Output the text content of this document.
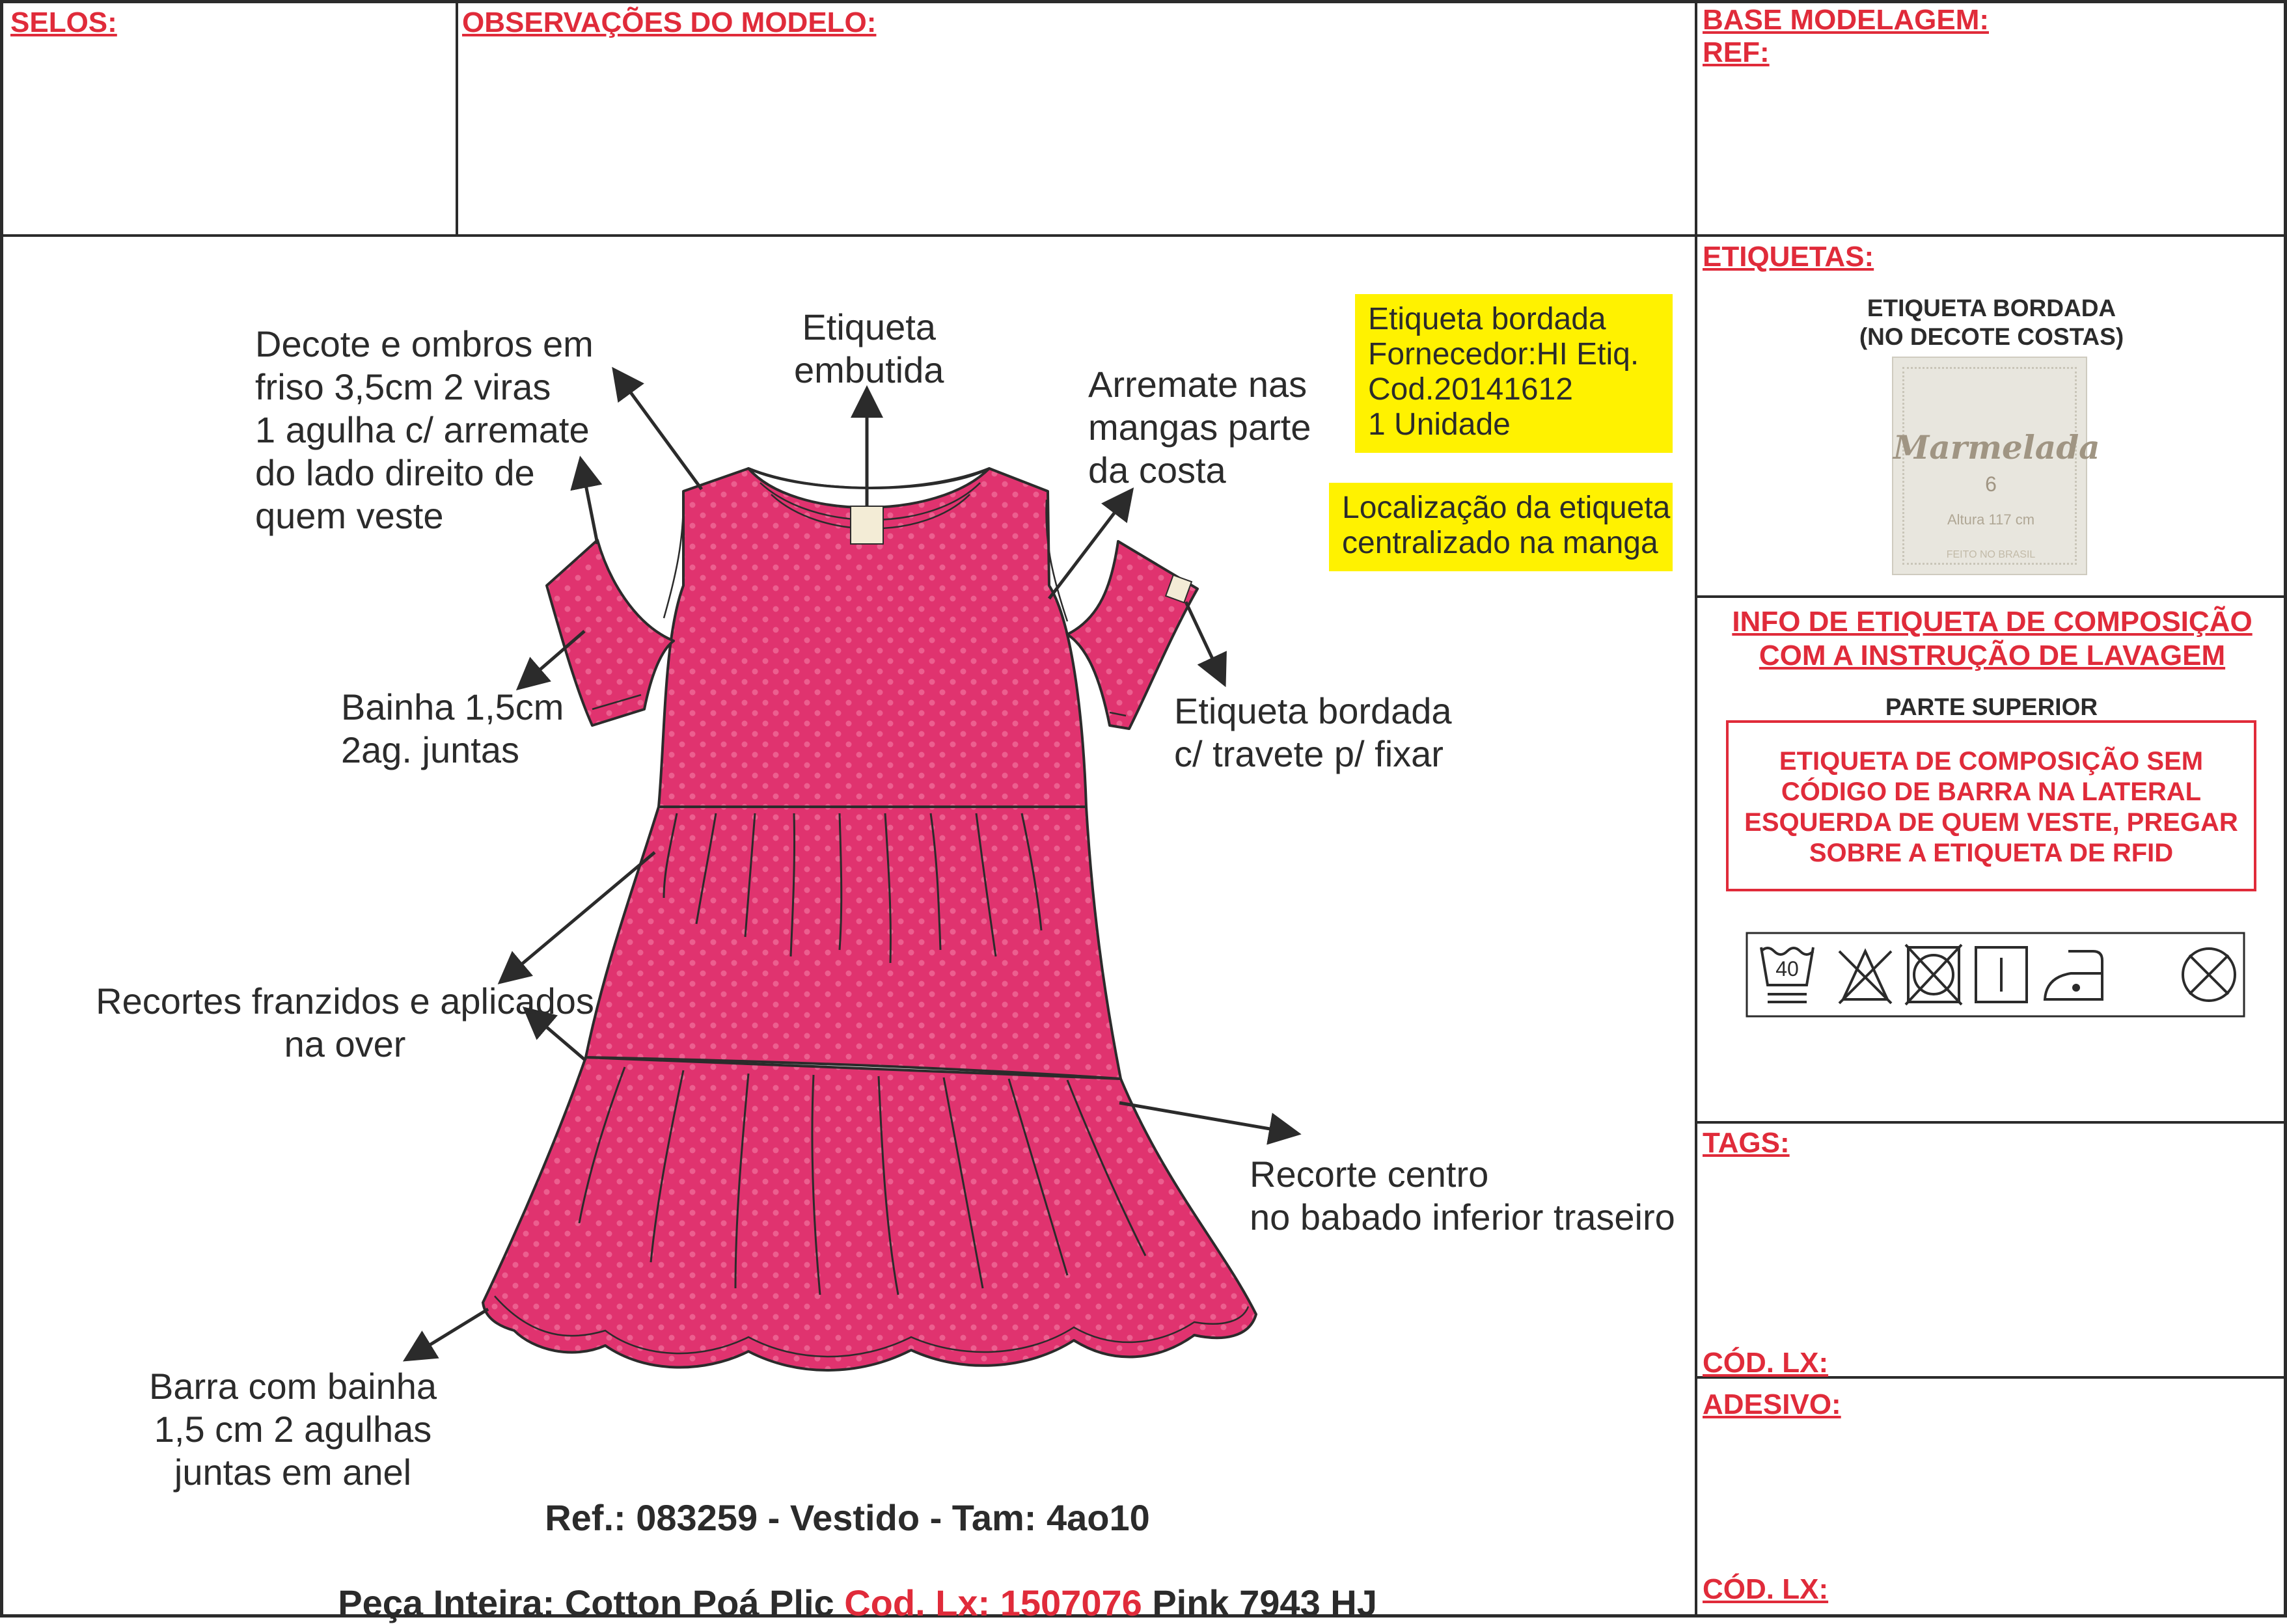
SELOS:	OBSERVAÇÕES DO MODELO:	BASE MODELAGEM:
REF:
ETIQUETAS:
ETIQUETA BORDADA
(NO DECOTE COSTAS)
Marmelada
6
Altura 117 cm
FEITO NO BRASIL
INFO DE ETIQUETA DE COMPOSIÇÃO
COM A INSTRUÇÃO DE LAVAGEM
PARTE SUPERIOR
ETIQUETA DE COMPOSIÇÃO SEM
CÓDIGO DE BARRA NA LATERAL
ESQUERDA DE QUEM VESTE, PREGAR
SOBRE A ETIQUETA DE RFID
40
TAGS:
CÓD. LX:
ADESIVO:
CÓD. LX:
Decote e ombros em
friso 3,5cm 2 viras
1 agulha c/ arremate
do lado direito de
quem veste
Etiqueta
embutida	Arremate nas
mangas parte
da costa
Bainha 1,5cm
2ag. juntas
Etiqueta bordada
c/ travete p/ fixar
Recortes franzidos e aplicados
na over
Recorte centro
no babado inferior traseiro
Barra com bainha
1,5 cm 2 agulhas
juntas em anel
Etiqueta bordada
Fornecedor:HI Etiq.
Cod.20141612
1 Unidade
Localização da etiqueta
centralizado na manga
Ref.: 083259 - Vestido - Tam: 4ao10

Peça Inteira: Cotton Poá Plic Cod. Lx: 1507076 Pink 7943 HJ
